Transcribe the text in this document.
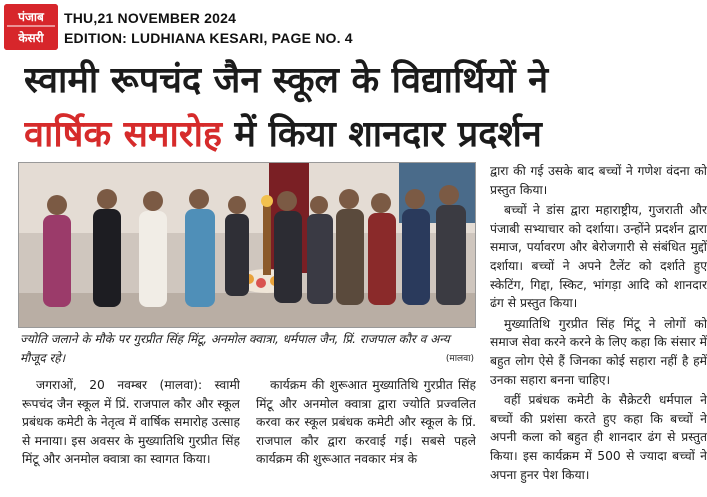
पंजाब
केसरी
THU,21 NOVEMBER 2024
EDITION: LUDHIANA KESARI, PAGE NO. 4
स्वामी रूपचंद जैन स्कूल के विद्यार्थियों ने
वार्षिक समारोह में किया शानदार प्रदर्शन
ज्योति जलाने के मौके पर गुरप्रीत सिंह मिंटू, अनमोल क्वात्रा, धर्मपाल जैन, प्रिं. राजपाल कौर व अन्य मौजूद रहे।	(मालवा)

जगराओं, 20 नवम्बर (मालवा): स्वामी रूपचंद जैन स्कूल में प्रिं. राजपाल कौर और स्कूल प्रबंधक कमेटी के नेतृत्व में वार्षिक समारोह उत्साह से मनाया। इस अवसर के मुख्यातिथि गुरप्रीत सिंह मिंटू और अनमोल क्वात्रा का स्वागत किया।

कार्यक्रम की शुरूआत मुख्यातिथि गुरप्रीत सिंह मिंटू और अनमोल क्वात्रा द्वारा ज्योति प्रज्वलित करवा कर स्कूल प्रबंधक कमेटी और स्कूल के प्रिं. राजपाल कौर द्वारा करवाई गई। सबसे पहले कार्यक्रम की शुरूआत नवकार मंत्र के

द्वारा की गई उसके बाद बच्चों ने गणेश वंदना को प्रस्तुत किया।

बच्चों ने डांस द्वारा महाराष्ट्रीय, गुजराती और पंजाबी सभ्याचार को दर्शाया। उन्होंने प्रदर्शन द्वारा समाज, पर्यावरण और बेरोजगारी से संबंधित मुद्दों दर्शाया। बच्चों ने अपने टैलेंट को दर्शाते हुए स्केटिंग, गिद्दा, स्किट, भांगड़ा आदि को शानदार ढंग से प्रस्तुत किया।

मुख्यातिथि गुरप्रीत सिंह मिंटू ने लोगों को समाज सेवा करने करने के लिए कहा कि संसार में बहुत लोग ऐसे हैं जिनका कोई सहारा नहीं है हमें उनका सहारा बनना चाहिए।

वहीं प्रबंधक कमेटी के सैक्रेटरी धर्मपाल ने बच्चों की प्रशंसा करते हुए कहा कि बच्चों ने अपनी कला को बहुत ही शानदार ढंग से प्रस्तुत किया। इस कार्यक्रम में 500 से ज्यादा बच्चों ने अपना हुनर पेश किया।
